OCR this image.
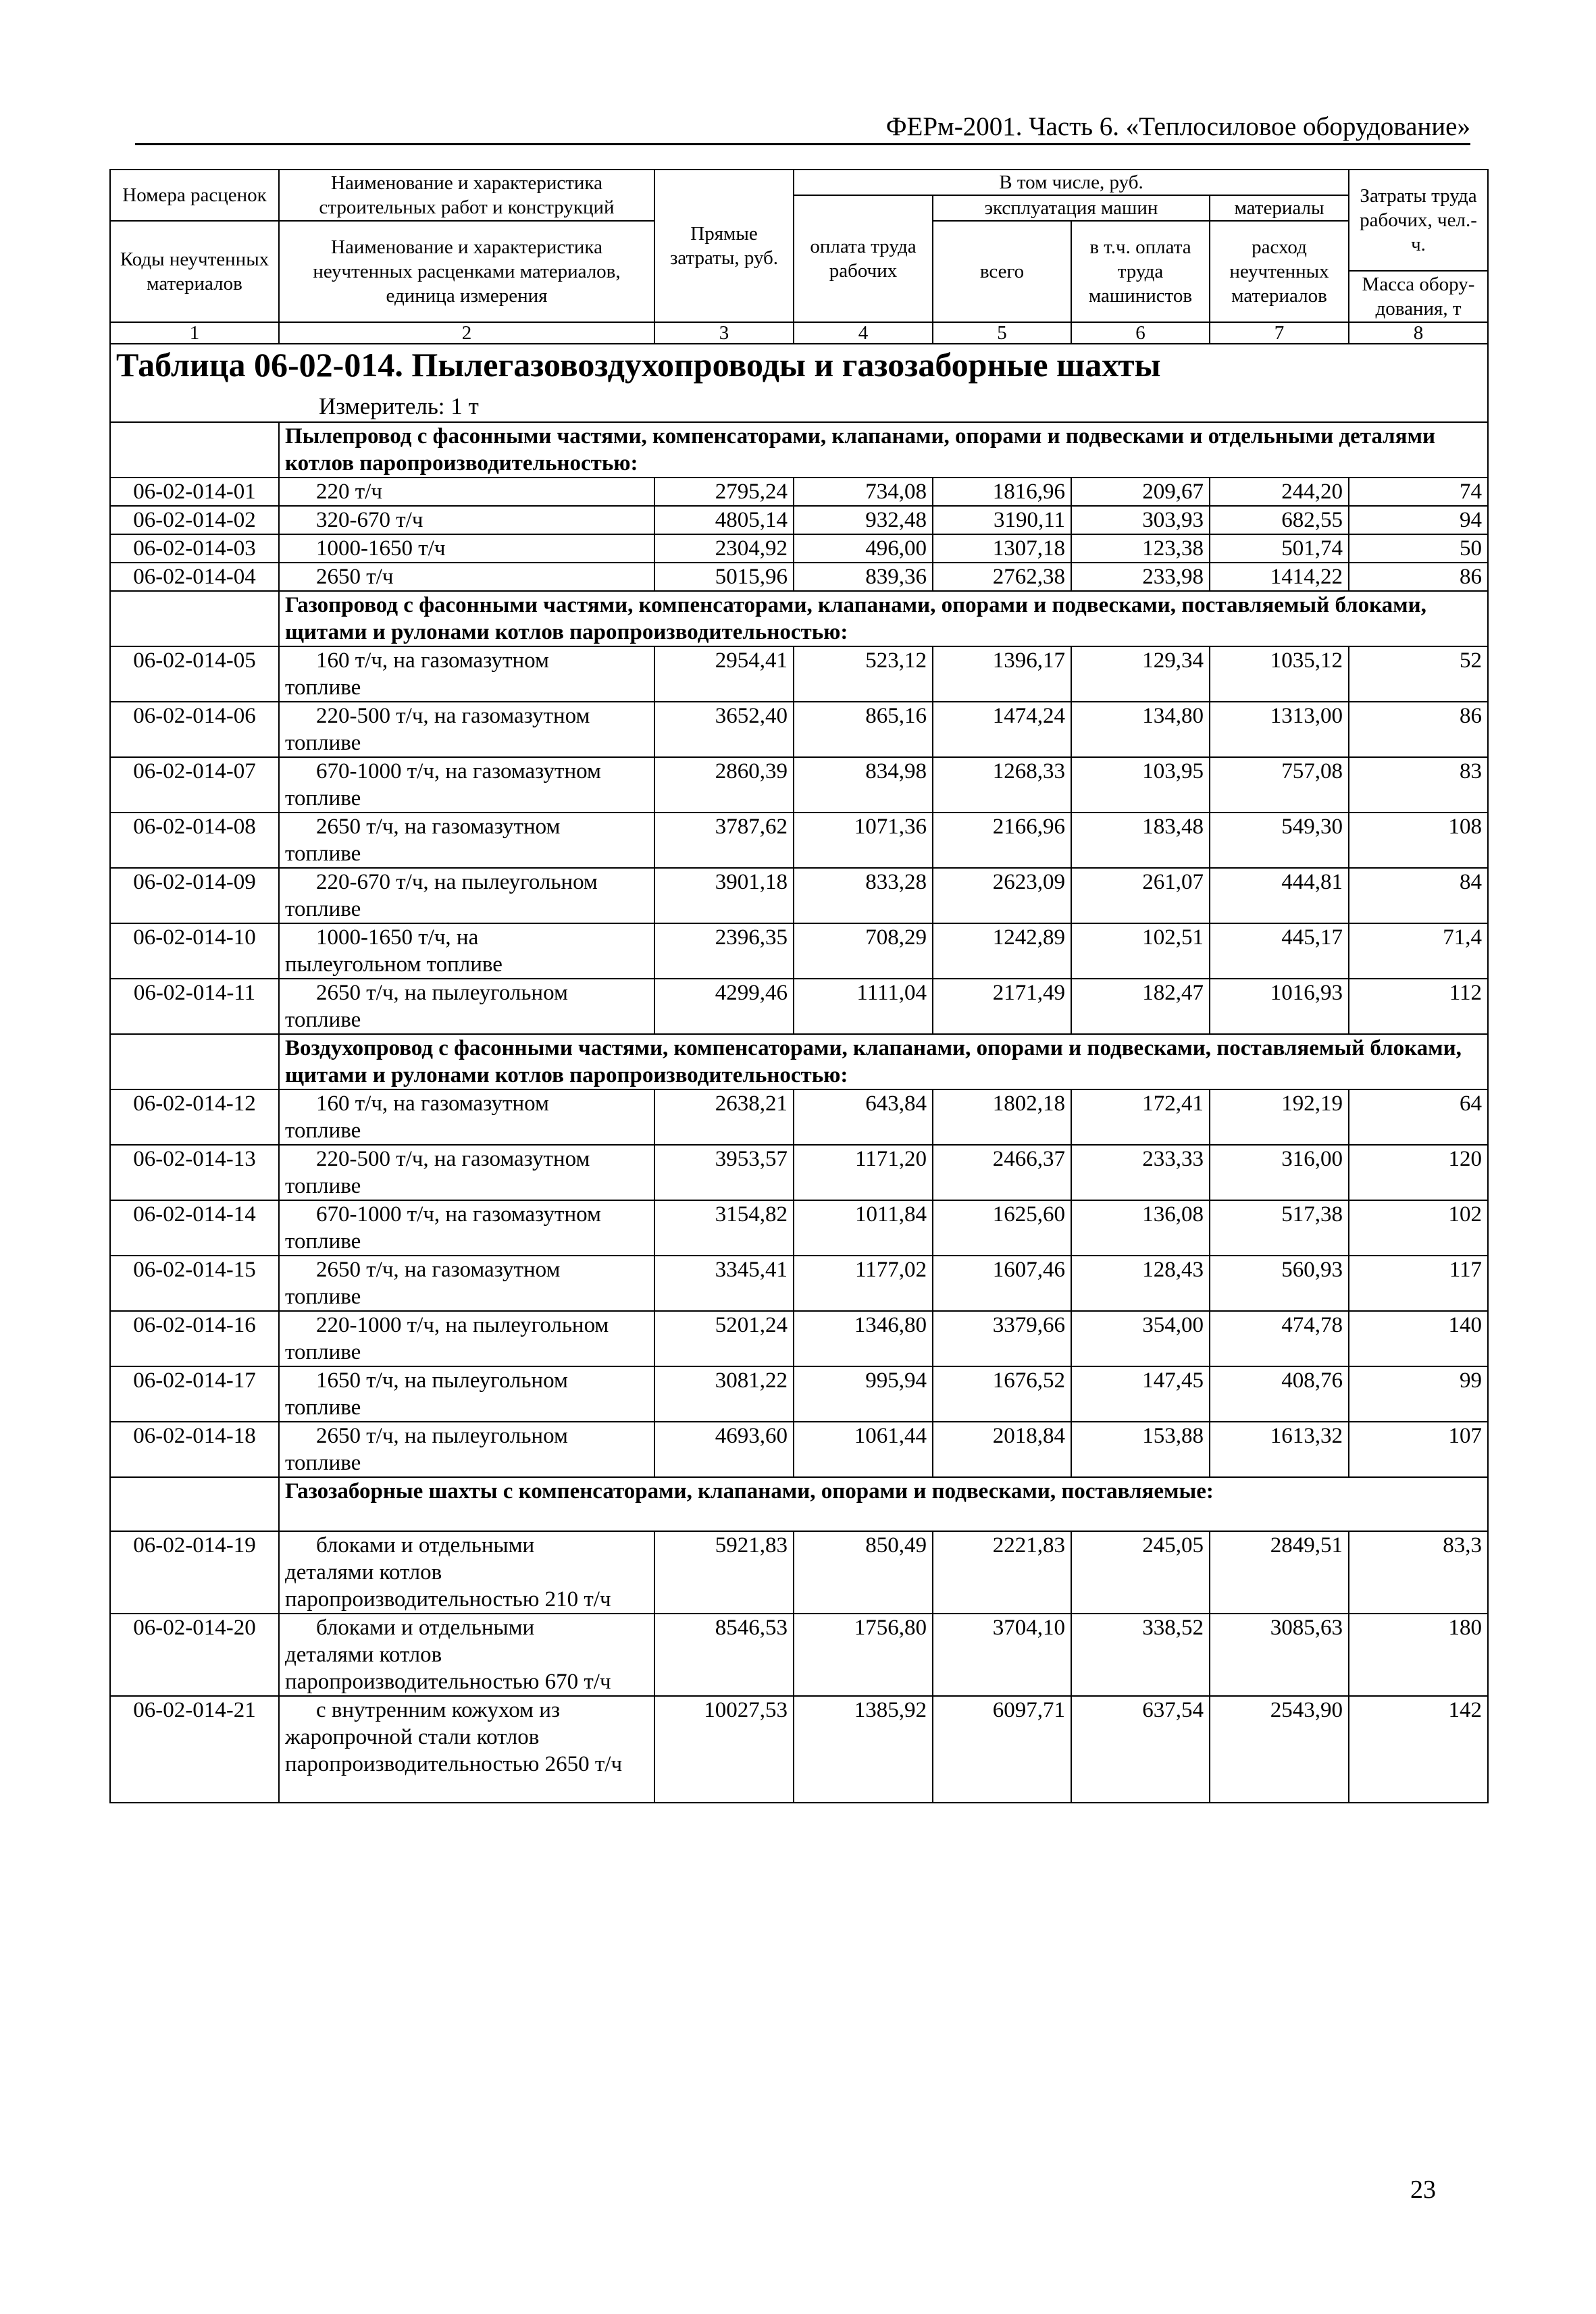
ФЕРм-2001. Часть 6. «Теплосиловое оборудование»
Номера расценок	Наименование и характеристика строительных работ и конструкций	Прямые затраты, руб.	В том числе, руб.				Затраты труда рабочих, чел.-ч.
			оплата труда рабочих	эксплуатация машин		материалы	
Коды неучтенных материалов	Наименование и характеристика неучтенных расценками материалов, единица измерения			всего	в т.ч. оплата труда машинистов	расход неучтенных материалов	
							Масса обору-дования, т
1	2	3	4	5	6	7	8

Таблица 06-02-014. Пылегазовоздухопроводы и газозаборные шахты
Измеритель: 1 т							

	Пылепровод с фасонными частями, компенсаторами, клапанами, опорами и подвесками и отдельными деталями котлов паропроизводительностью:						
06-02-014-01	220 т/ч	2795,24	734,08	1816,96	209,67	244,20	74
06-02-014-02	320-670 т/ч	4805,14	932,48	3190,11	303,93	682,55	94
06-02-014-03	1000-1650 т/ч	2304,92	496,00	1307,18	123,38	501,74	50
06-02-014-04	2650 т/ч	5015,96	839,36	2762,38	233,98	1414,22	86
	Газопровод с фасонными частями, компенсаторами, клапанами, опорами и подвесками, поставляемый блоками, щитами и рулонами котлов паропроизводительностью:						
06-02-014-05	160 т/ч, на газомазутном
топливе	2954,41	523,12	1396,17	129,34	1035,12	52
06-02-014-06	220-500 т/ч, на газомазутном
топливе	3652,40	865,16	1474,24	134,80	1313,00	86
06-02-014-07	670-1000 т/ч, на газомазутном
топливе	2860,39	834,98	1268,33	103,95	757,08	83
06-02-014-08	2650 т/ч, на газомазутном
топливе	3787,62	1071,36	2166,96	183,48	549,30	108
06-02-014-09	220-670 т/ч, на пылеугольном
топливе	3901,18	833,28	2623,09	261,07	444,81	84
06-02-014-10	1000-1650 т/ч, на
пылеугольном топливе	2396,35	708,29	1242,89	102,51	445,17	71,4
06-02-014-11	2650 т/ч, на пылеугольном
топливе	4299,46	1111,04	2171,49	182,47	1016,93	112
	Воздухопровод с фасонными частями, компенсаторами, клапанами, опорами и подвесками, поставляемый блоками, щитами и рулонами котлов паропроизводительностью:						
06-02-014-12	160 т/ч, на газомазутном
топливе	2638,21	643,84	1802,18	172,41	192,19	64
06-02-014-13	220-500 т/ч, на газомазутном
топливе	3953,57	1171,20	2466,37	233,33	316,00	120
06-02-014-14	670-1000 т/ч, на газомазутном
топливе	3154,82	1011,84	1625,60	136,08	517,38	102
06-02-014-15	2650 т/ч, на газомазутном
топливе	3345,41	1177,02	1607,46	128,43	560,93	117
06-02-014-16	220-1000 т/ч, на пылеугольном
топливе	5201,24	1346,80	3379,66	354,00	474,78	140
06-02-014-17	1650 т/ч, на пылеугольном
топливе	3081,22	995,94	1676,52	147,45	408,76	99
06-02-014-18	2650 т/ч, на пылеугольном
топливе	4693,60	1061,44	2018,84	153,88	1613,32	107
	Газозаборные шахты с компенсаторами, клапанами, опорами и подвесками, поставляемые:						
06-02-014-19	блоками и отдельными
деталями котлов паропроизводительностью 210 т/ч	5921,83	850,49	2221,83	245,05	2849,51	83,3
06-02-014-20	блоками и отдельными
деталями котлов паропроизводительностью 670 т/ч	8546,53	1756,80	3704,10	338,52	3085,63	180
06-02-014-21	с внутренним кожухом из
жаропрочной стали котлов паропроизводительностью 2650 т/ч	10027,53	1385,92	6097,71	637,54	2543,90	142
23
